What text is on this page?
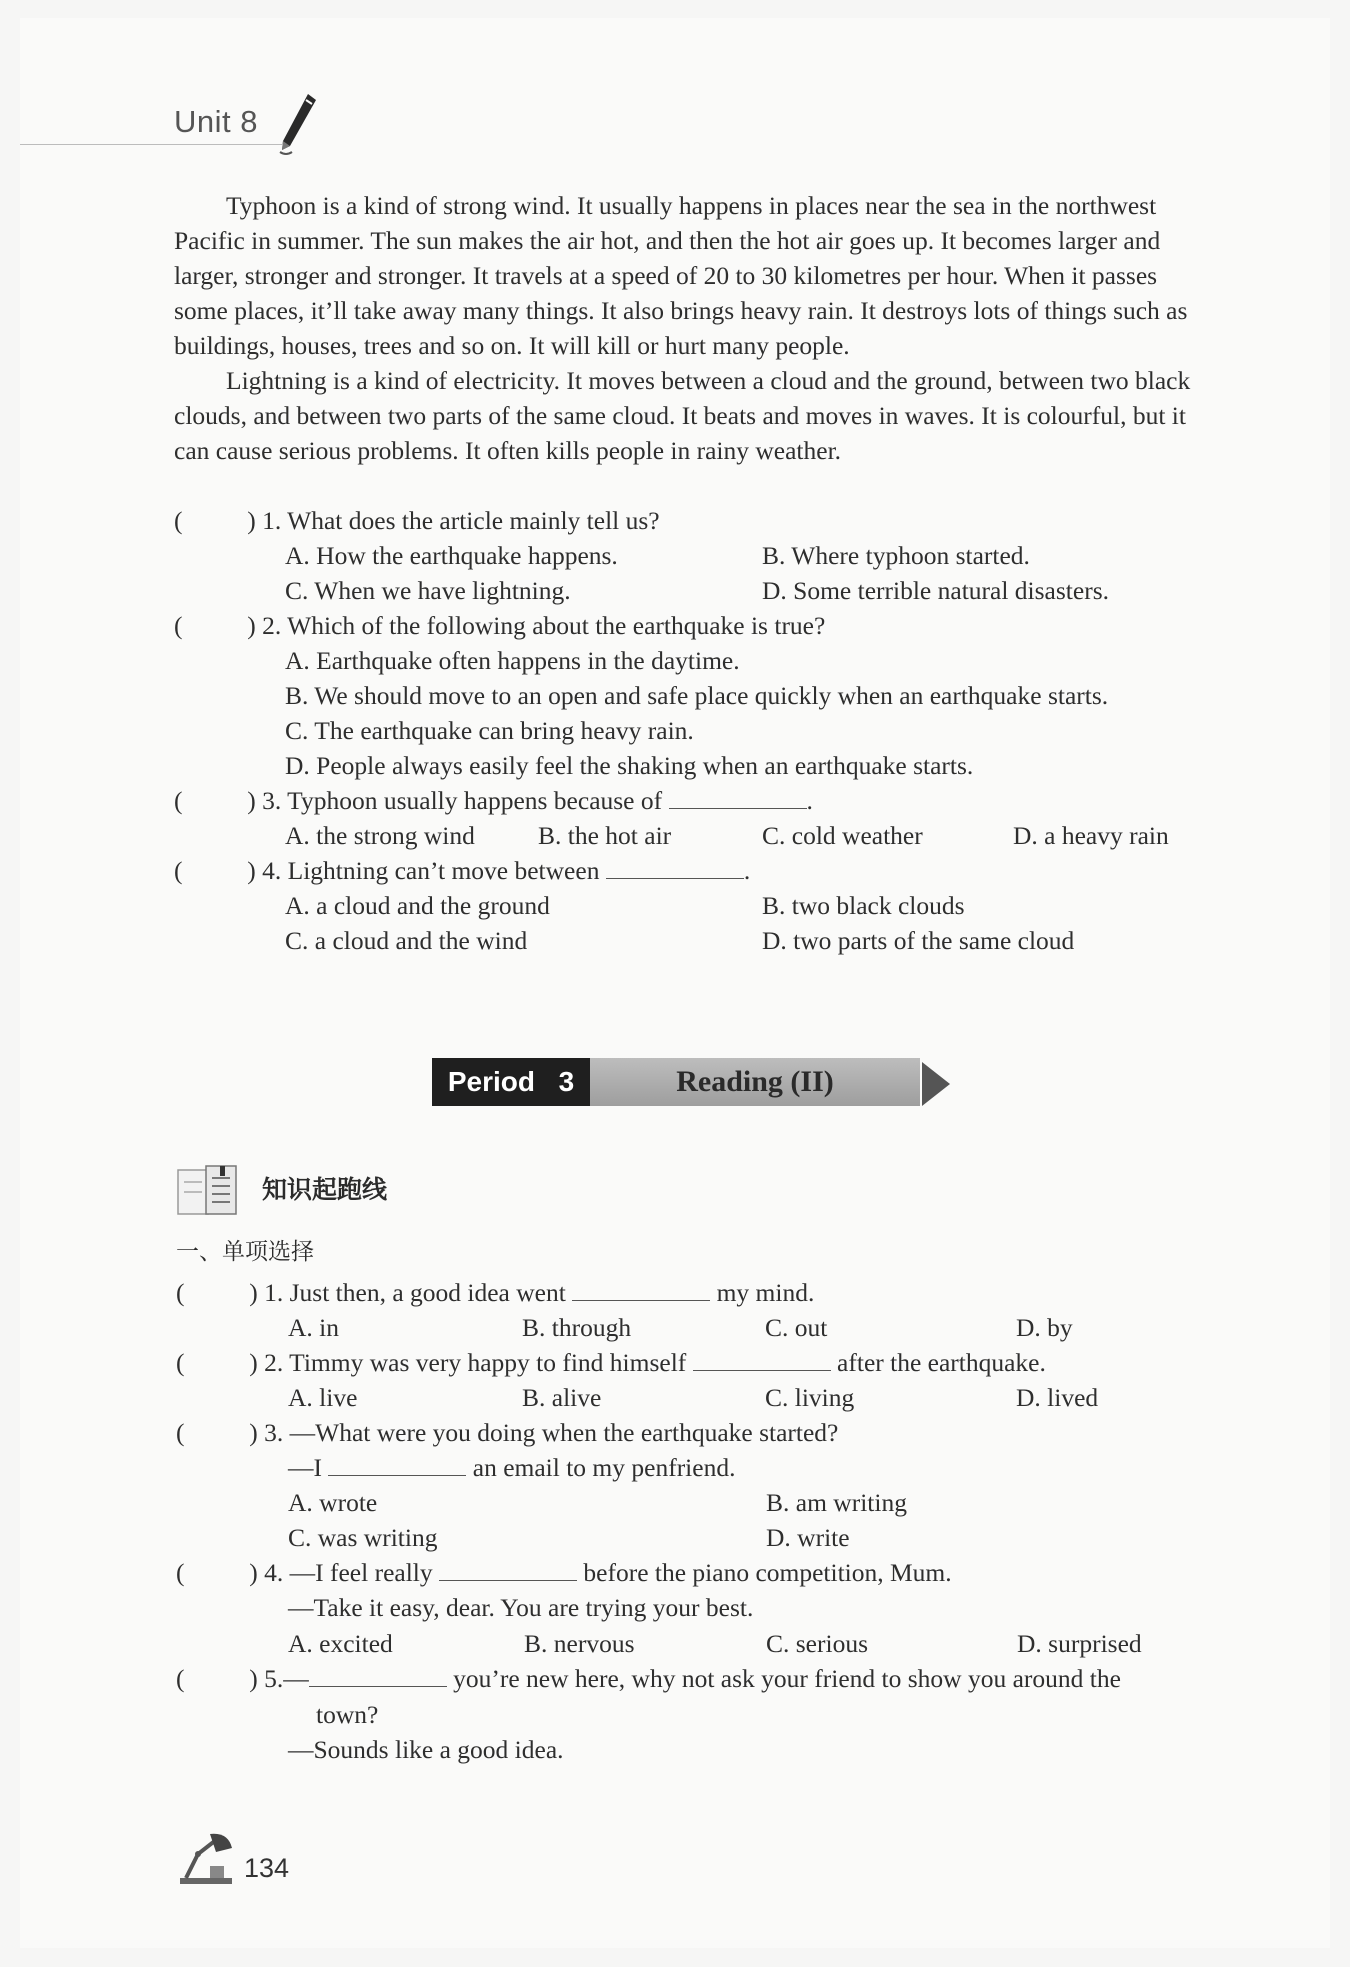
Unit 8

Typhoon is a kind of strong wind. It usually happens in places near the sea in the northwest Pacific in summer. The sun makes the air hot, and then the hot air goes up. It becomes larger and larger, stronger and stronger. It travels at a speed of 20 to 30 kilometres per hour. When it passes some places, it’ll take away many things. It also brings heavy rain. It destroys lots of things such as buildings, houses, trees and so on. It will kill or hurt many people.

Lightning is a kind of electricity. It moves between a cloud and the ground, between two black clouds, and between two parts of the same cloud. It beats and moves in waves. It is colourful, but it can cause serious problems. It often kills people in rainy weather.

(	) 1. What does the article mainly tell us?
A. How the earthquake happens.	B. Where typhoon started.
C. When we have lightning.	D. Some terrible natural disasters.
(	) 2. Which of the following about the earthquake is true?
A. Earthquake often happens in the daytime.
B. We should move to an open and safe place quickly when an earthquake starts.
C. The earthquake can bring heavy rain.
D. People always easily feel the shaking when an earthquake starts.
(	) 3. Typhoon usually happens because of	.
A. the strong wind B. the hot air	C. cold weather	D. a heavy rain
(	) 4. Lightning can’t move between	.
A. a cloud and the ground	B. two black clouds
C. a cloud and the wind	D. two parts of the same cloud
Period 3	Reading (II)
知识起跑线
一、单项选择
(	) 1. Just then, a good idea went	my mind.
A. in	B. through	C. out	D. by
(	) 2. Timmy was very happy to find himself	after the earthquake.
A. live	B. alive	C. living	D. lived
(	) 3. —What were you doing when the earthquake started?
—I	an email to my penfriend.
A. wrote	B. am writing
C. was writing	D. write
(	) 4. —I feel really	before the piano competition, Mum.
—Take it easy, dear. You are trying your best.
A. excited	B. nervous	C. serious	D. surprised
(	) 5.—	you’re new here, why not ask your friend to show you around the
town?
—Sounds like a good idea.
134
